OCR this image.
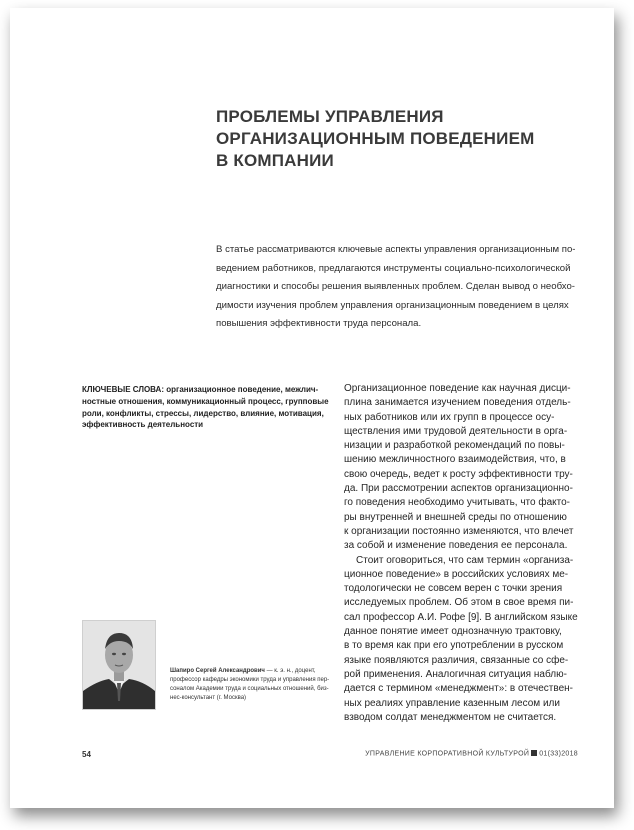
ПРОБЛЕМЫ УПРАВЛЕНИЯ
ОРГАНИЗАЦИОННЫМ ПОВЕДЕНИЕМ
В КОМПАНИИ

В статье рассматриваются ключевые аспекты управления организационным по-
ведением работников, предлагаются инструменты социально-психологической
диагностики и способы решения выявленных проблем. Сделан вывод о необхо-
димости изучения проблем управления организационным поведением в целях
повышения эффективности труда персонала.

КЛЮЧЕВЫЕ СЛОВА: организационное поведение, межлич-
ностные отношения, коммуникационный процесс, групповые
роли, конфликты, стрессы, лидерство, влияние, мотивация,
эффективность деятельности

Организационное поведение как научная дисци-
плина занимается изучением поведения отдель-
ных работников или их групп в процессе осу-
ществления ими трудовой деятельности в орга-
низации и разработкой рекомендаций по повы-
шению межличностного взаимодействия, что, в
свою очередь, ведет к росту эффективности тру-
да. При рассмотрении аспектов организационно-
го поведения необходимо учитывать, что факто-
ры внутренней и внешней среды по отношению
к организации постоянно изменяются, что влечет
за собой и изменение поведения ее персонала.
Стоит оговориться, что сам термин «организа-
ционное поведение» в российских условиях ме-
тодологически не совсем верен с точки зрения
исследуемых проблем. Об этом в свое время пи-
сал профессор А.И. Рофе [9]. В английском языке
данное понятие имеет однозначную трактовку,
в то время как при его употреблении в русском
языке появляются различия, связанные со сфе-
рой применения. Аналогичная ситуация наблю-
дается с термином «менеджмент»: в отечествен-
ных реалиях управление казенным лесом или
взводом солдат менеджментом не считается.

Шапиро Сергей Александрович — к. э. н., доцент,
профессор кафедры экономики труда и управления пер-
соналом Академии труда и социальных отношений, биз-
нес-консультант (г. Москва)

54	УПРАВЛЕНИЕ КОРПОРАТИВНОЙ КУЛЬТУРОЙ 01(33)2018
